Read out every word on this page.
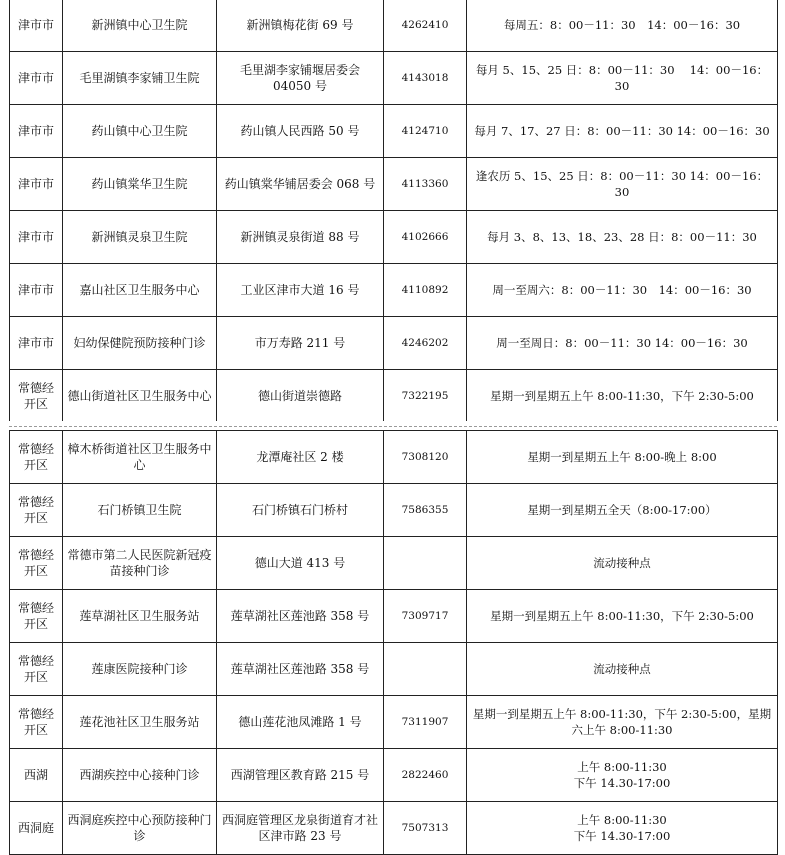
津市市	新洲镇中心卫生院	新洲镇梅花街 69 号	4262410	每周五：8：00－11：30　14：00－16：30

津市市	毛里湖镇李家铺卫生院	毛里湖李家铺堰居委会 04050 号	4143018	每月 5、15、25 日：8：00－11：30　 14：00－16：30

津市市	药山镇中心卫生院	药山镇人民西路 50 号	4124710	每月 7、17、27 日：8：00－11：30 14：00－16：30

津市市	药山镇棠华卫生院	药山镇棠华铺居委会 068 号	4113360	逢农历 5、15、25 日：8：00－11：30 14：00－16：30

津市市	新洲镇灵泉卫生院	新洲镇灵泉街道 88 号	4102666	每月 3、8、13、18、23、28 日：8：00－11：30

津市市	嘉山社区卫生服务中心	工业区津市大道 16 号	4110892	周一至周六：8：00－11：30　14：00－16：30

津市市	妇幼保健院预防接种门诊	市万寿路 211 号	4246202	周一至周日：8：00－11：30 14：00－16：30

常德经开区	德山街道社区卫生服务中心	德山街道崇德路	7322195	星期一到星期五上午 8:00-11:30，下午 2:30-5:00
常德经开区	樟木桥街道社区卫生服务中心	龙潭庵社区 2 楼	7308120	星期一到星期五上午 8:00-晚上 8:00

常德经开区	石门桥镇卫生院	石门桥镇石门桥村	7586355	星期一到星期五全天（8:00-17:00）

常德经开区	常德市第二人民医院新冠疫苗接种门诊	德山大道 413 号		流动接种点

常德经开区	莲草湖社区卫生服务站	莲草湖社区莲池路 358 号	7309717	星期一到星期五上午 8:00-11:30，下午 2:30-5:00

常德经开区	莲康医院接种门诊	莲草湖社区莲池路 358 号		流动接种点

常德经开区	莲花池社区卫生服务站	德山莲花池凤滩路 1 号	7311907	星期一到星期五上午 8:00-11:30，下午 2:30-5:00，星期六上午 8:00-11:30

西湖	西湖疾控中心接种门诊	西湖管理区教育路 215 号	2822460	上午 8:00-11:30
下午 14.30-17:00

西洞庭	西洞庭疾控中心预防接种门诊	西洞庭管理区龙泉街道育才社区津市路 23 号	7507313	上午 8:00-11:30
下午 14.30-17:00
